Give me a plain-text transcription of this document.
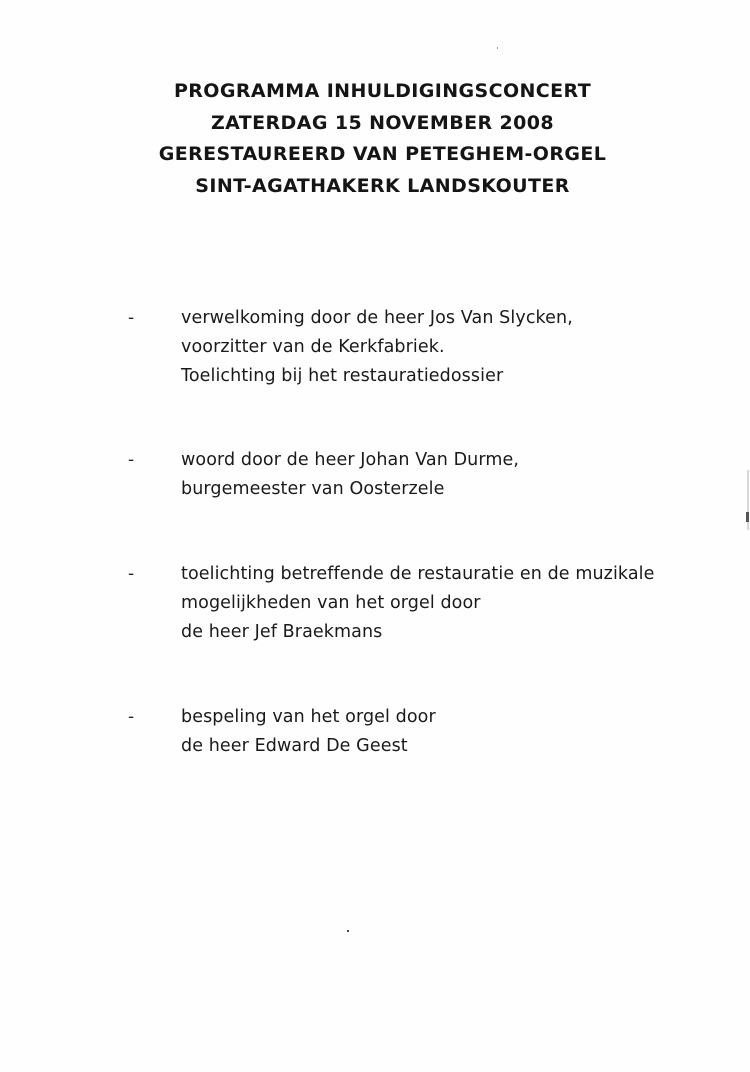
PROGRAMMA INHULDIGINGSCONCERT
ZATERDAG 15 NOVEMBER 2008
GERESTAUREERD VAN PETEGHEM-ORGEL
SINT-AGATHAKERK LANDSKOUTER
-	verwelkoming door de heer Jos Van Slycken,
voorzitter van de Kerkfabriek.
Toelichting bij het restauratiedossier
-	woord door de heer Johan Van Durme,
burgemeester van Oosterzele
-	toelichting betreffende de restauratie en de muzikale
mogelijkheden van het orgel door
de heer Jef Braekmans
-	bespeling van het orgel door
de heer Edward De Geest
